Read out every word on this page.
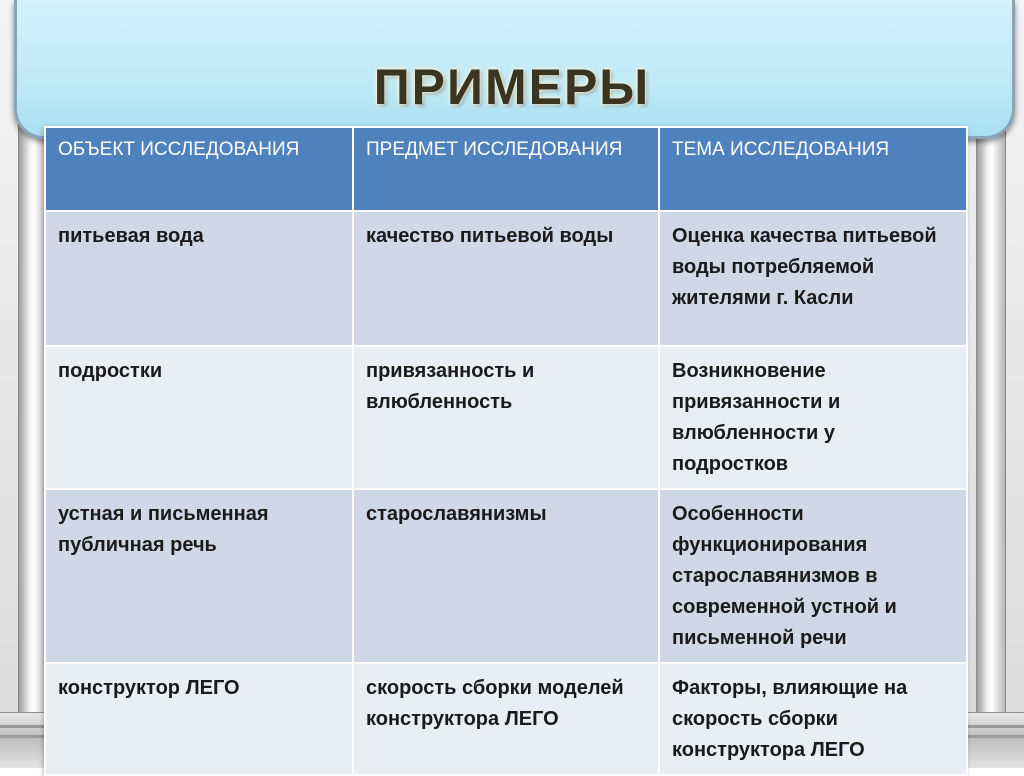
ПРИМЕРЫ
ОБЪЕКТ ИССЛЕДОВАНИЯ	ПРЕДМЕТ ИССЛЕДОВАНИЯ	ТЕМА ИССЛЕДОВАНИЯ
питьевая вода	качество питьевой воды	Оценка качества питьевой воды потребляемой жителями г. Касли
подростки	привязанность и влюбленность	Возникновение привязанности и влюбленности у подростков
устная и письменная публичная речь	старославянизмы	Особенности функционирования старославянизмов в современной устной и письменной речи
конструктор ЛЕГО	скорость сборки моделей конструктора ЛЕГО	Факторы, влияющие на скорость сборки конструктора ЛЕГО
